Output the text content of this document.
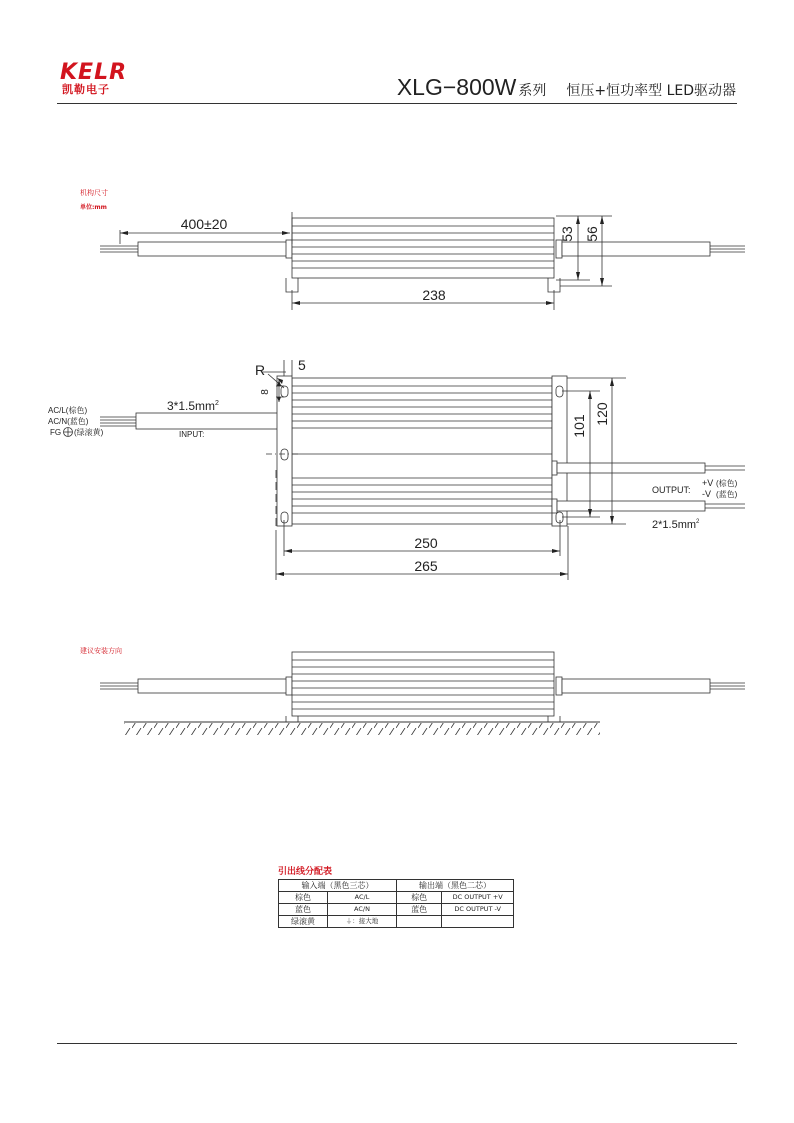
KELR
凯勒电子	XLG−800W 系列 恒压+恒功率型 LED驱动器
机构尺寸
单位:mm
建议安装方向
400±20
238
53 56
R 5
8
$3*1.5mm^2$
INPUT:
AC/L(棕色)
AC/N(蓝色)
FG (绿滚黄)	101
120
250
265
OUTPUT:
+V (棕色)
-V (蓝色)
$2*1.5mm^2$
引出线分配表
输入端（黑色三芯）		输出端（黑色二芯）	
棕色	AC/L	棕色	DC OUTPUT +V
蓝色	AC/N	蓝色	DC OUTPUT -V
绿滚黄	⏚：接大地		
